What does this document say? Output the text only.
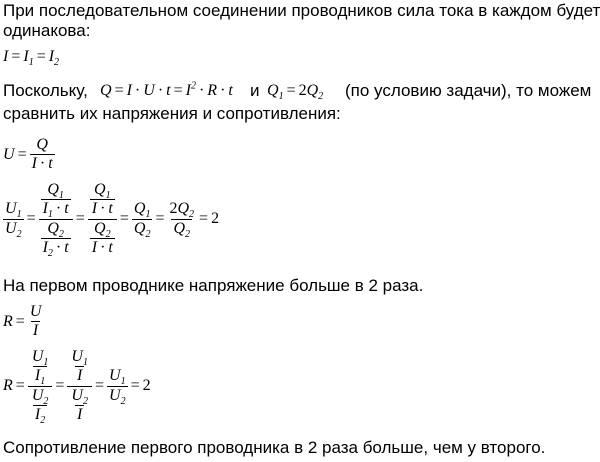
При последовательном соединении проводников сила тока в каждом будет
одинакова:
$I = I_1 = I_2$
Поскольку, $Q = I \cdot U \cdot t = I^2 \cdot R \cdot t$ и $Q_1 = 2Q_2$ (по условию задачи), то можем
сравнить их напряжения и сопротивления:
$U = \frac{Q}{I \cdot t}$
$\frac{U_1}{U_2} = \frac{\frac{Q_1}{I_1 \cdot t}}{\frac{Q_2}{I_2 \cdot t}} = \frac{\frac{Q_1}{I \cdot t}}{\frac{Q_2}{I \cdot t}} = \frac{Q_1}{Q_2} = \frac{2Q_2}{Q_2} = 2$
На первом проводнике напряжение больше в 2 раза.
$R = \frac{U}{I}$
$R = \frac{\frac{U_1}{I_1}}{\frac{U_2}{I_2}} = \frac{\frac{U_1}{I}}{\frac{U_2}{I}} = \frac{U_1}{U_2} = 2$
Сопротивление первого проводника в 2 раза больше, чем у второго.
